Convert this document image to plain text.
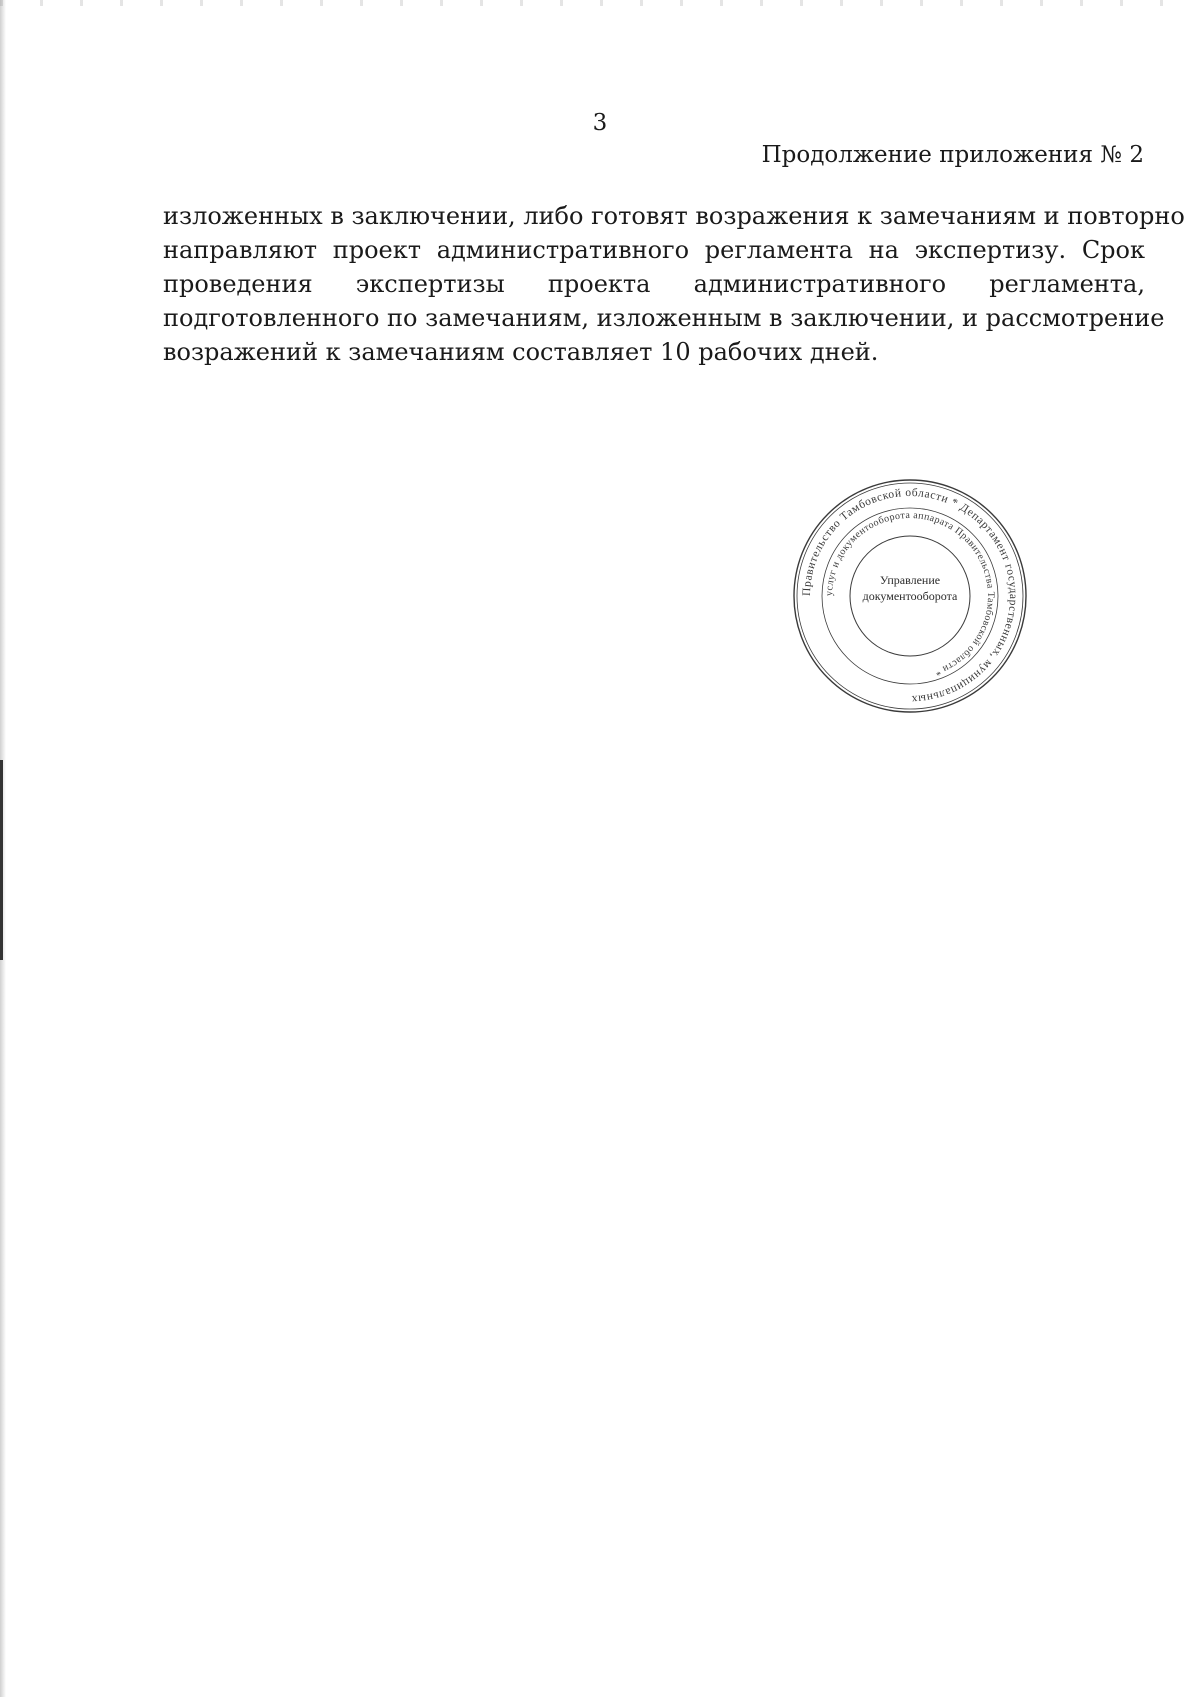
3
Продолжение приложения № 2
изложенных в заключении, либо готовят возражения к замечаниям и повторно
направляют проект административного регламента на экспертизу. Срок
проведения экспертизы проекта административного регламента,
подготовленного по замечаниям, изложенным в заключении, и рассмотрение
возражений к замечаниям составляет 10 рабочих дней.
Правительство Тамбовской области * Департамент государственных, муниципальных
услуг и документооборота аппарата Правительства Тамбовской области *
Управление
документооборота
